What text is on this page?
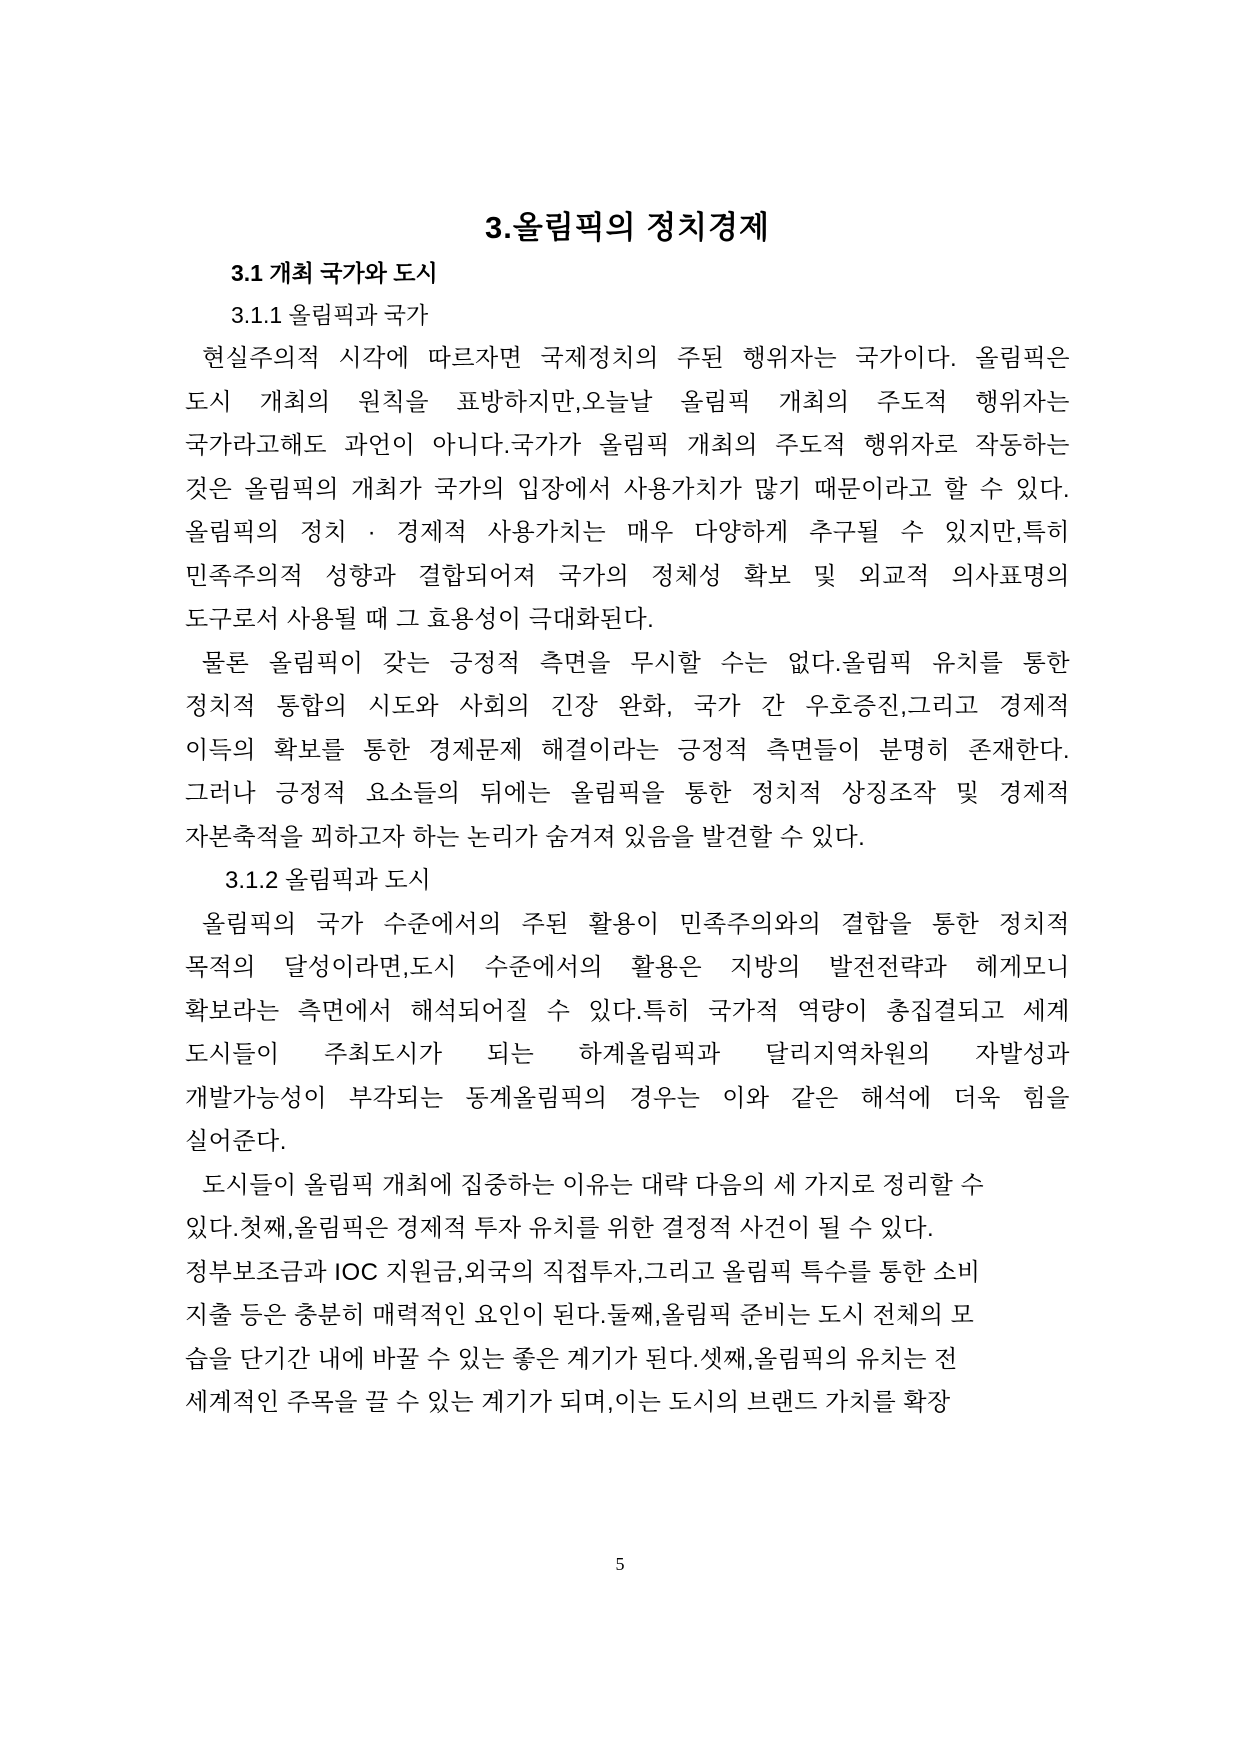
3.올림픽의 정치경제
3.1 개최 국가와 도시
3.1.1 올림픽과 국가
현실주의적 시각에 따르자면 국제정치의 주된 행위자는 국가이다. 올림픽은
도시 개최의 원칙을 표방하지만,오늘날 올림픽 개최의 주도적 행위자는
국가라고해도 과언이 아니다.국가가 올림픽 개최의 주도적 행위자로 작동하는
것은 올림픽의 개최가 국가의 입장에서 사용가치가 많기 때문이라고 할 수 있다.
올림픽의 정치 · 경제적 사용가치는 매우 다양하게 추구될 수 있지만,특히
민족주의적 성향과 결합되어져 국가의 정체성 확보 및 외교적 의사표명의
도구로서 사용될 때 그 효용성이 극대화된다.
물론 올림픽이 갖는 긍정적 측면을 무시할 수는 없다.올림픽 유치를 통한
정치적 통합의 시도와 사회의 긴장 완화, 국가 간 우호증진,그리고 경제적
이득의 확보를 통한 경제문제 해결이라는 긍정적 측면들이 분명히 존재한다.
그러나 긍정적 요소들의 뒤에는 올림픽을 통한 정치적 상징조작 및 경제적
자본축적을 꾀하고자 하는 논리가 숨겨져 있음을 발견할 수 있다.
3.1.2 올림픽과 도시
올림픽의 국가 수준에서의 주된 활용이 민족주의와의 결합을 통한 정치적
목적의 달성이라면,도시 수준에서의 활용은 지방의 발전전략과 헤게모니
확보라는 측면에서 해석되어질 수 있다.특히 국가적 역량이 총집결되고 세계
도시들이 주최도시가 되는 하계올림픽과 달리지역차원의 자발성과
개발가능성이 부각되는 동계올림픽의 경우는 이와 같은 해석에 더욱 힘을
실어준다.
도시들이 올림픽 개최에 집중하는 이유는 대략 다음의 세 가지로 정리할 수
있다.첫째,올림픽은 경제적 투자 유치를 위한 결정적 사건이 될 수 있다.
정부보조금과 IOC 지원금,외국의 직접투자,그리고 올림픽 특수를 통한 소비
지출 등은 충분히 매력적인 요인이 된다.둘째,올림픽 준비는 도시 전체의 모
습을 단기간 내에 바꿀 수 있는 좋은 계기가 된다.셋째,올림픽의 유치는 전
세계적인 주목을 끌 수 있는 계기가 되며,이는 도시의 브랜드 가치를 확장
5
